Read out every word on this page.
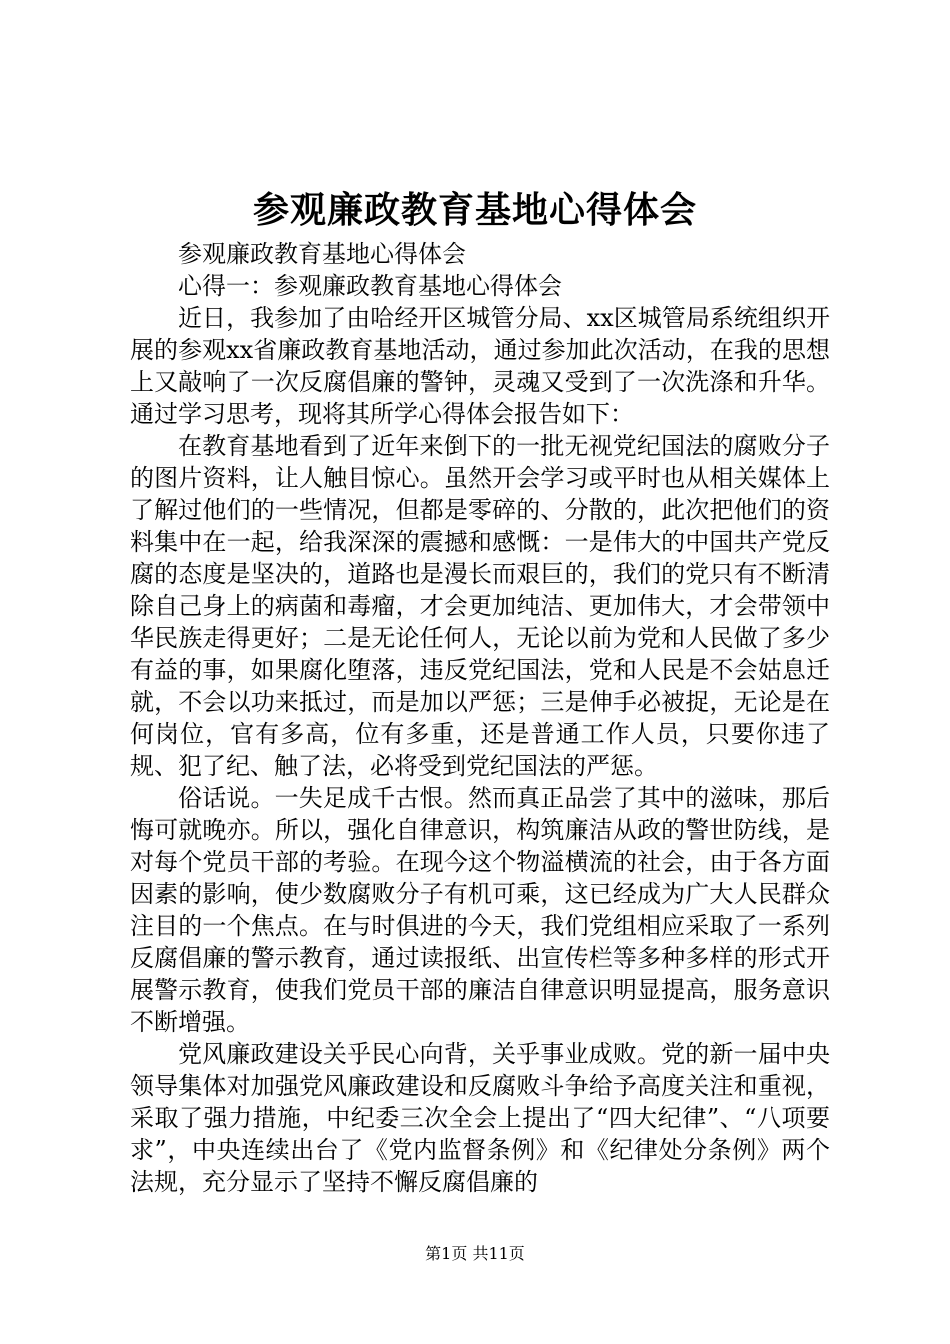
参观廉政教育基地心得体会

参观廉政教育基地心得体会

心得一：参观廉政教育基地心得体会

近日，我参加了由哈经开区城管分局、xx区城管局系统组织开展的参观xx省廉政教育基地活动，通过参加此次活动，在我的思想上又敲响了一次反腐倡廉的警钟，灵魂又受到了一次洗涤和升华。通过学习思考，现将其所学心得体会报告如下：

在教育基地看到了近年来倒下的一批无视党纪国法的腐败分子的图片资料，让人触目惊心。虽然开会学习或平时也从相关媒体上了解过他们的一些情况，但都是零碎的、分散的，此次把他们的资料集中在一起，给我深深的震撼和感慨：一是伟大的中国共产党反腐的态度是坚决的，道路也是漫长而艰巨的，我们的党只有不断清除自己身上的病菌和毒瘤，才会更加纯洁、更加伟大，才会带领中华民族走得更好；二是无论任何人，无论以前为党和人民做了多少有益的事，如果腐化堕落，违反党纪国法，党和人民是不会姑息迁就，不会以功来抵过，而是加以严惩；三是伸手必被捉，无论是在何岗位，官有多高，位有多重，还是普通工作人员，只要你违了规、犯了纪、触了法，必将受到党纪国法的严惩。

俗话说。一失足成千古恨。然而真正品尝了其中的滋味，那后悔可就晚亦。所以，强化自律意识，构筑廉洁从政的警世防线，是对每个党员干部的考验。在现今这个物溢横流的社会，由于各方面因素的影响，使少数腐败分子有机可乘，这已经成为广大人民群众注目的一个焦点。在与时俱进的今天，我们党组相应采取了一系列反腐倡廉的警示教育，通过读报纸、出宣传栏等多种多样的形式开展警示教育，使我们党员干部的廉洁自律意识明显提高，服务意识不断增强。

党风廉政建设关乎民心向背，关乎事业成败。党的新一届中央领导集体对加强党风廉政建设和反腐败斗争给予高度关注和重视，采取了强力措施，中纪委三次全会上提出了“四大纪律”、“八项要求”，中央连续出台了《党内监督条例》和《纪律处分条例》两个法规，充分显示了坚持不懈反腐倡廉的

第1页 共11页
